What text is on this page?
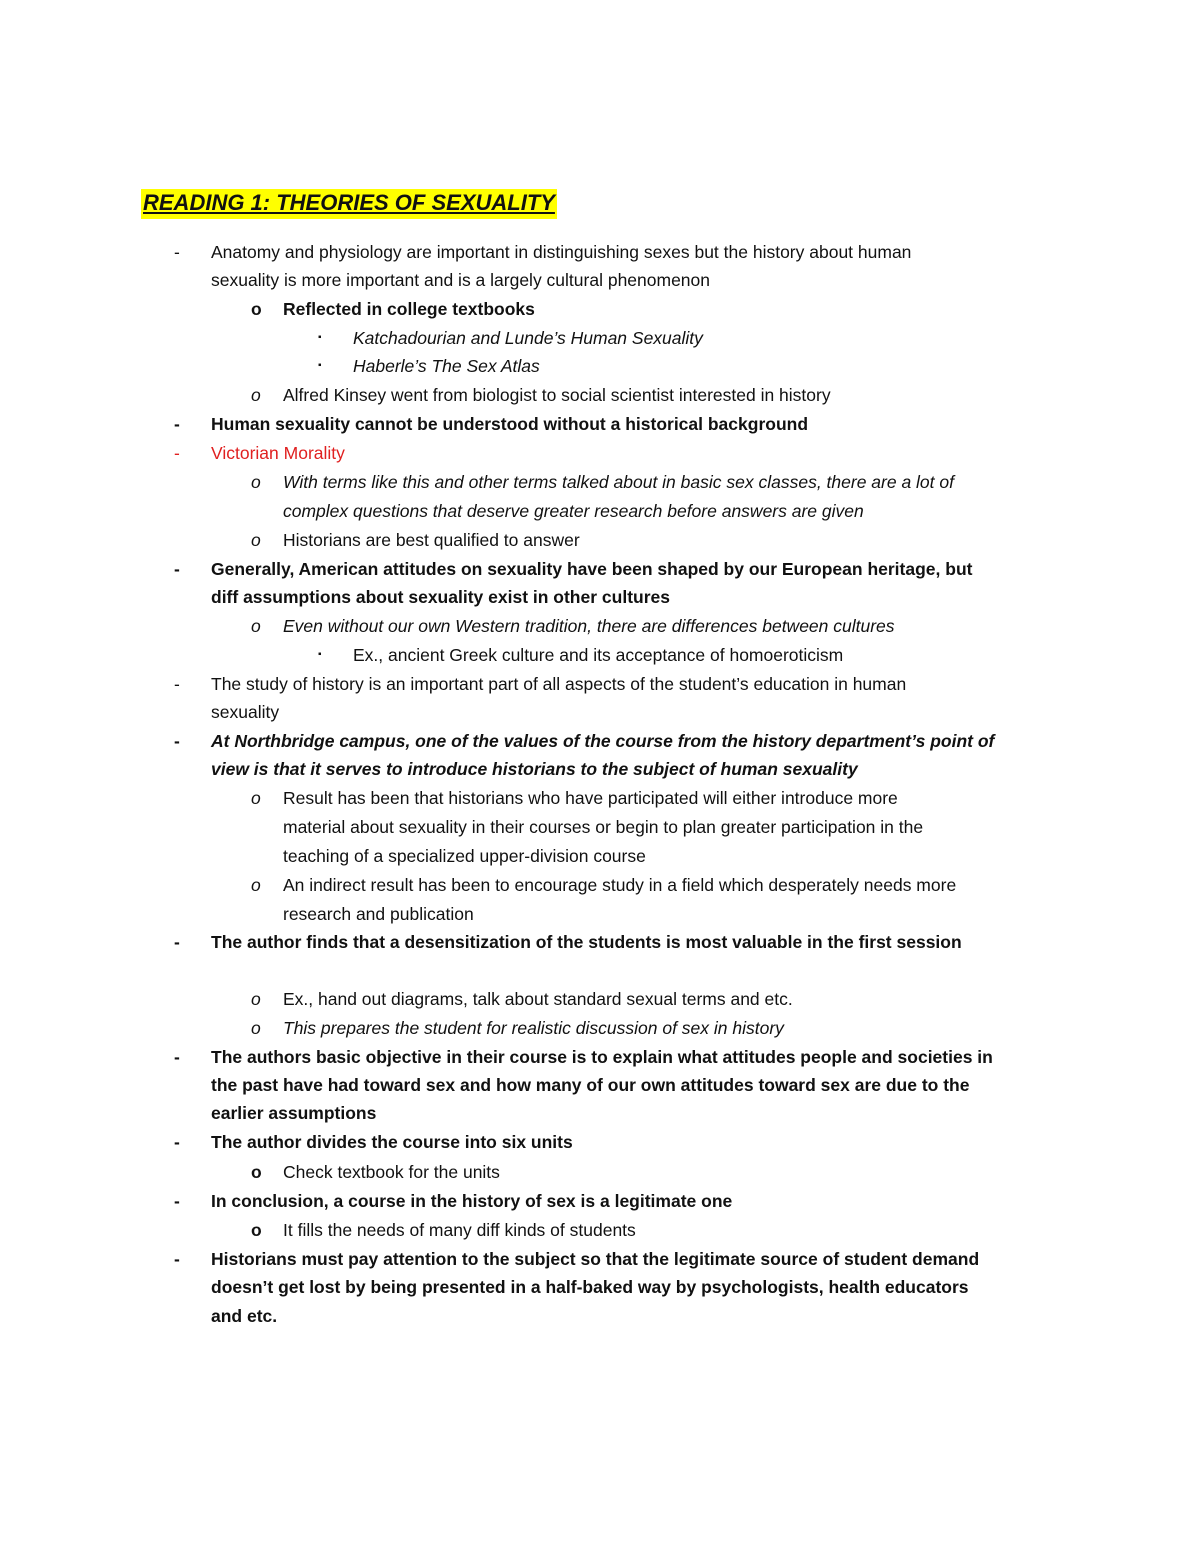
READING 1: THEORIES OF SEXUALITY
- Anatomy and physiology are important in distinguishing sexes but the history about human
sexuality is more important and is a largely cultural phenomenon
o Reflected in college textbooks
▪ Katchadourian and Lunde’s Human Sexuality
▪ Haberle’s The Sex Atlas
o Alfred Kinsey went from biologist to social scientist interested in history
- Human sexuality cannot be understood without a historical background
- Victorian Morality
o With terms like this and other terms talked about in basic sex classes, there are a lot of
complex questions that deserve greater research before answers are given
o Historians are best qualified to answer
- Generally, American attitudes on sexuality have been shaped by our European heritage, but
diff assumptions about sexuality exist in other cultures
o Even without our own Western tradition, there are differences between cultures
▪ Ex., ancient Greek culture and its acceptance of homoeroticism
- The study of history is an important part of all aspects of the student’s education in human
sexuality
- At Northbridge campus, one of the values of the course from the history department’s point of
view is that it serves to introduce historians to the subject of human sexuality
o Result has been that historians who have participated will either introduce more
material about sexuality in their courses or begin to plan greater participation in the
teaching of a specialized upper-division course
o An indirect result has been to encourage study in a field which desperately needs more
research and publication
- The author finds that a desensitization of the students is most valuable in the first session
o Ex., hand out diagrams, talk about standard sexual terms and etc.
o This prepares the student for realistic discussion of sex in history
- The authors basic objective in their course is to explain what attitudes people and societies in
the past have had toward sex and how many of our own attitudes toward sex are due to the
earlier assumptions
- The author divides the course into six units
o Check textbook for the units
- In conclusion, a course in the history of sex is a legitimate one
o It fills the needs of many diff kinds of students
- Historians must pay attention to the subject so that the legitimate source of student demand
doesn’t get lost by being presented in a half-baked way by psychologists, health educators
and etc.
